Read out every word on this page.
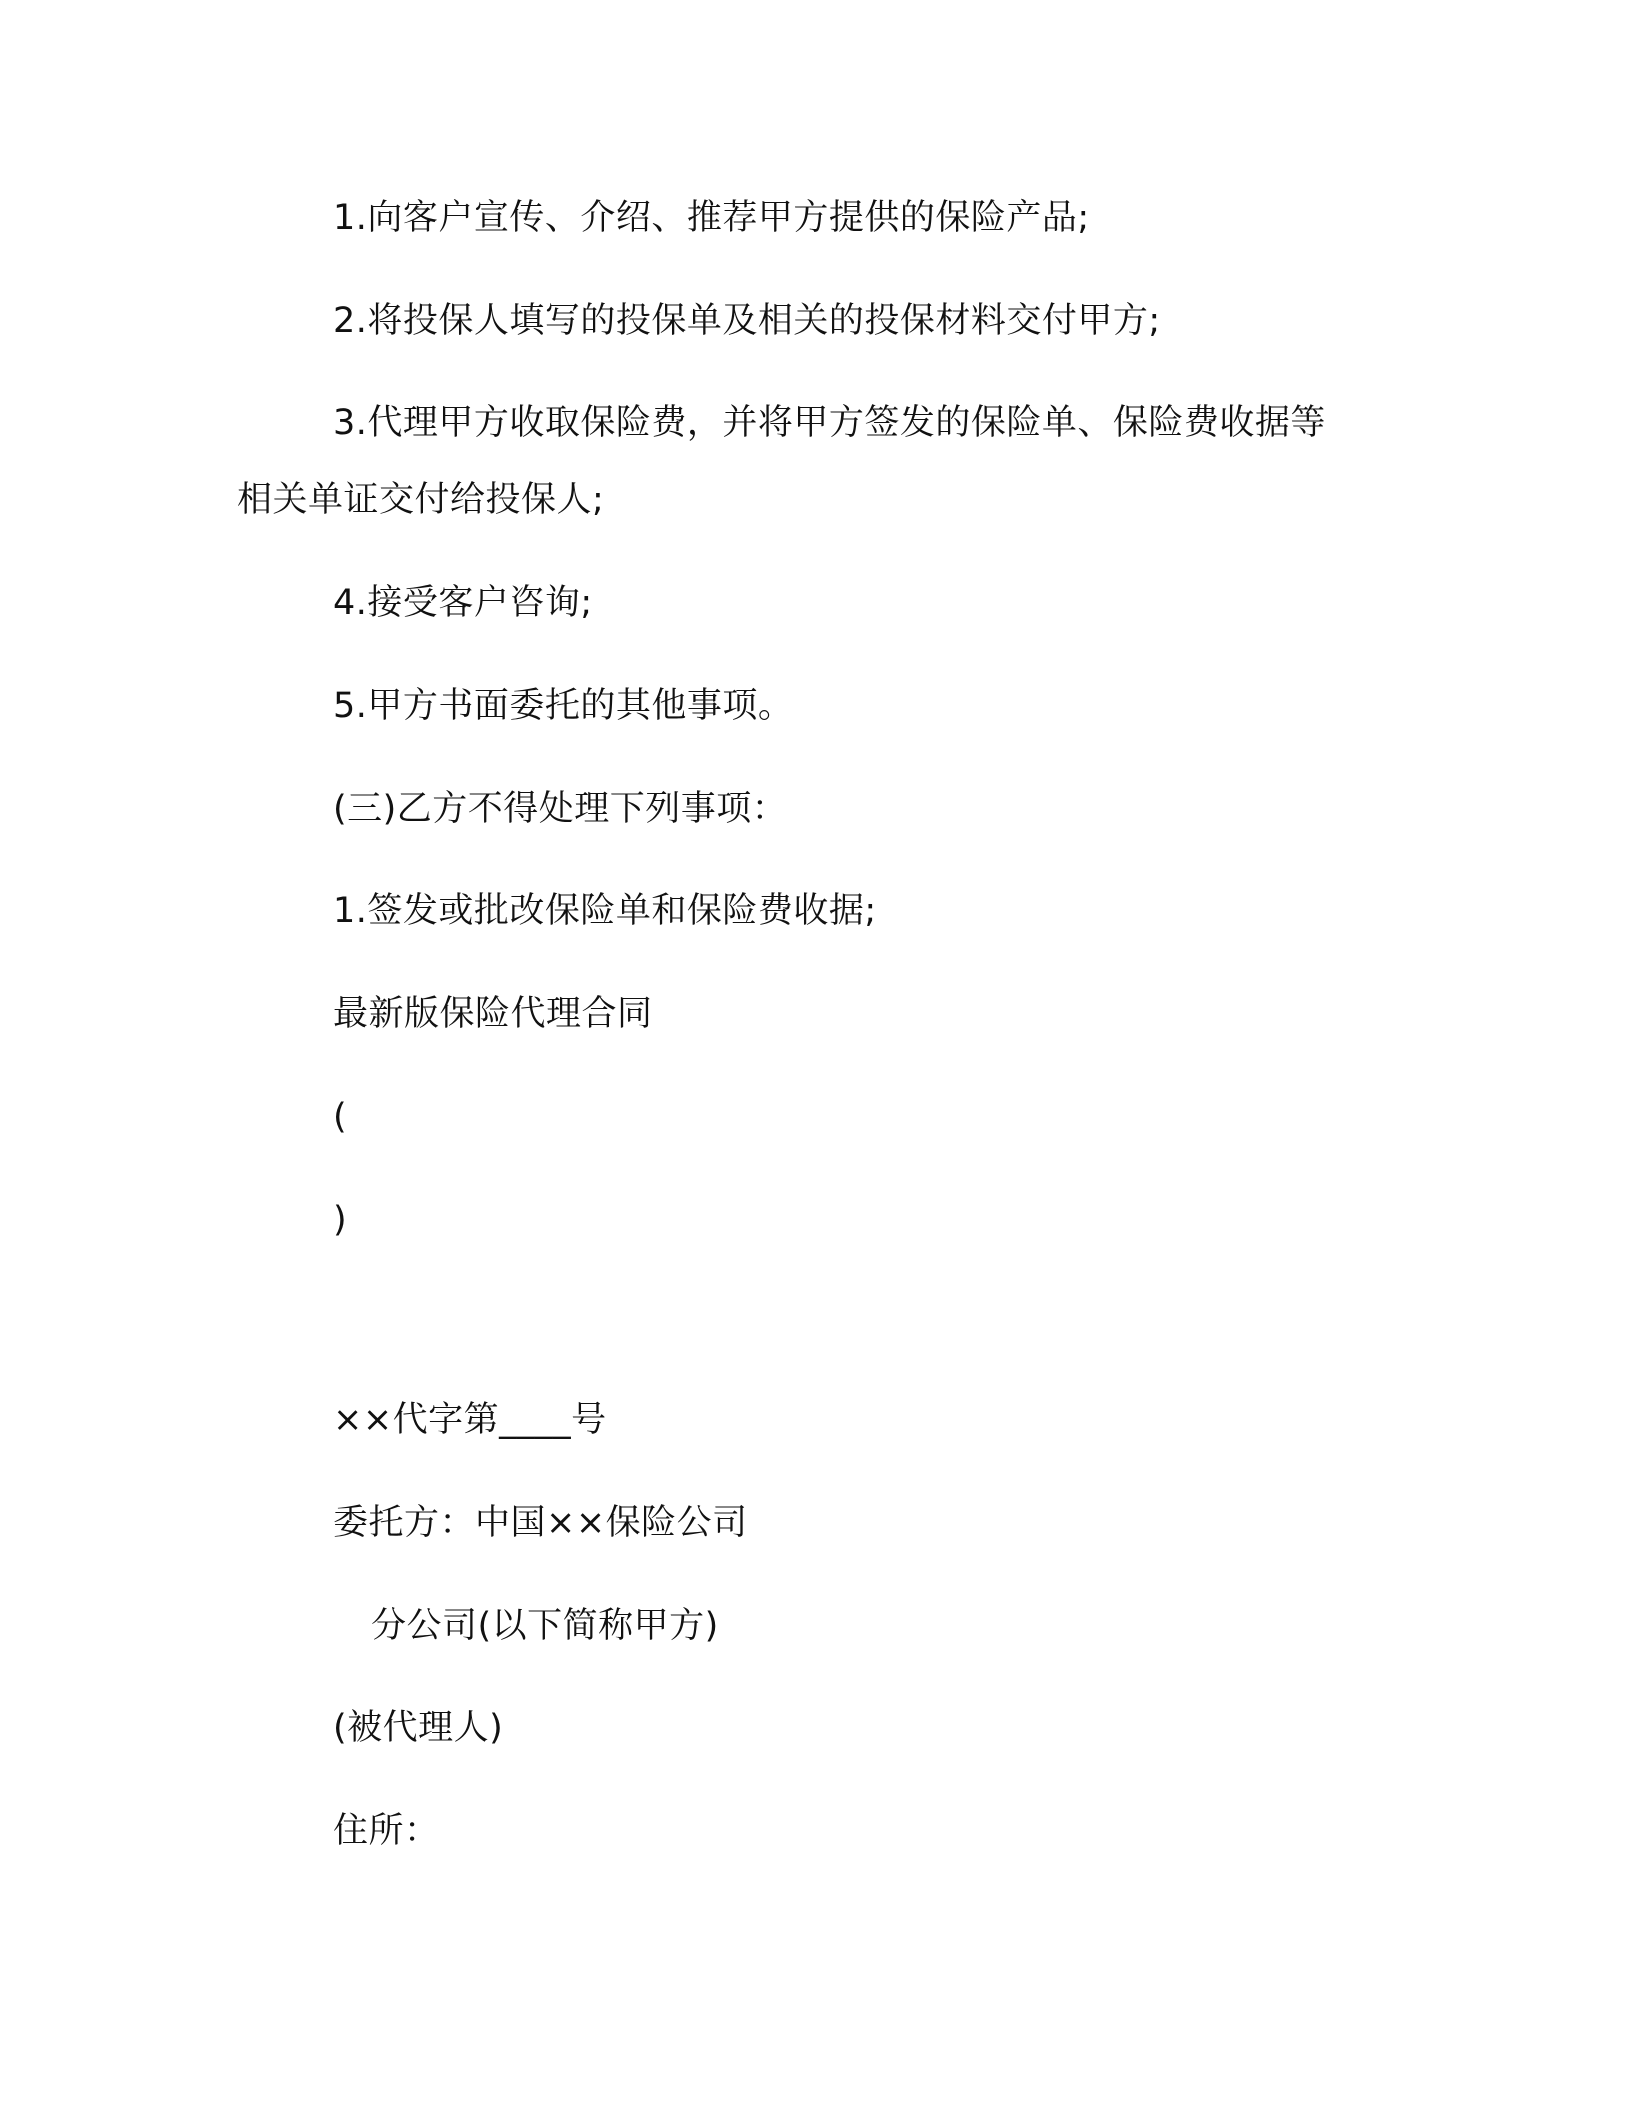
1.向客户宣传、介绍、推荐甲方提供的保险产品;
2.将投保人填写的投保单及相关的投保材料交付甲方;
3.代理甲方收取保险费，并将甲方签发的保险单、保险费收据等
相关单证交付给投保人;
4.接受客户咨询;
5.甲方书面委托的其他事项。
(三)乙方不得处理下列事项：
1.签发或批改保险单和保险费收据;
最新版保险代理合同
(
)
××代字第____号
委托方：中国××保险公司
分公司(以下简称甲方)
(被代理人)
住所：
